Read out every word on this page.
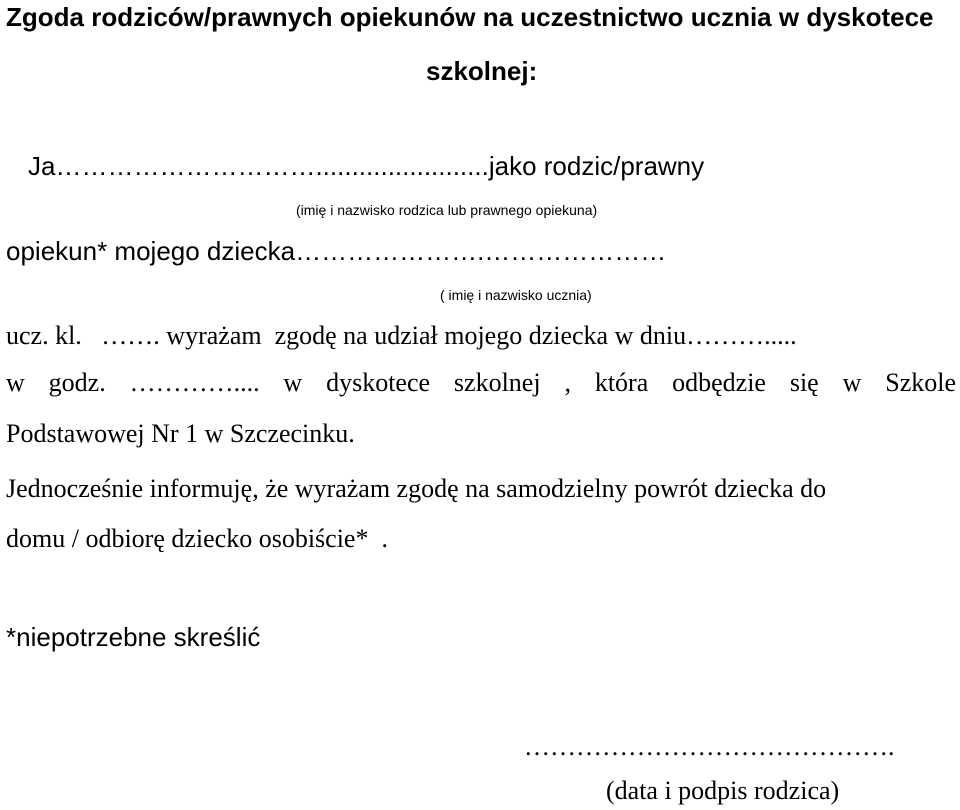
Zgoda rodziców/prawnych opiekunów na uczestnictwo ucznia w dyskotece
szkolnej:
Ja…………………………........................jako rodzic/prawny
(imię i nazwisko rodzica lub prawnego opiekuna)
opiekun* mojego dziecka………………….…………………
( imię i nazwisko ucznia)
ucz. kl.   ……. wyrażam  zgodę na udział mojego dziecka w dniu……….....
w godz. ………….... w dyskotece szkolnej , która odbędzie się w Szkole
Podstawowej Nr 1 w Szczecinku.
Jednocześnie informuję, że wyrażam zgodę na samodzielny powrót dziecka do
domu / odbiorę dziecko osobiście*  .
*niepotrzebne skreślić
…………………………………….
(data i podpis rodzica)
